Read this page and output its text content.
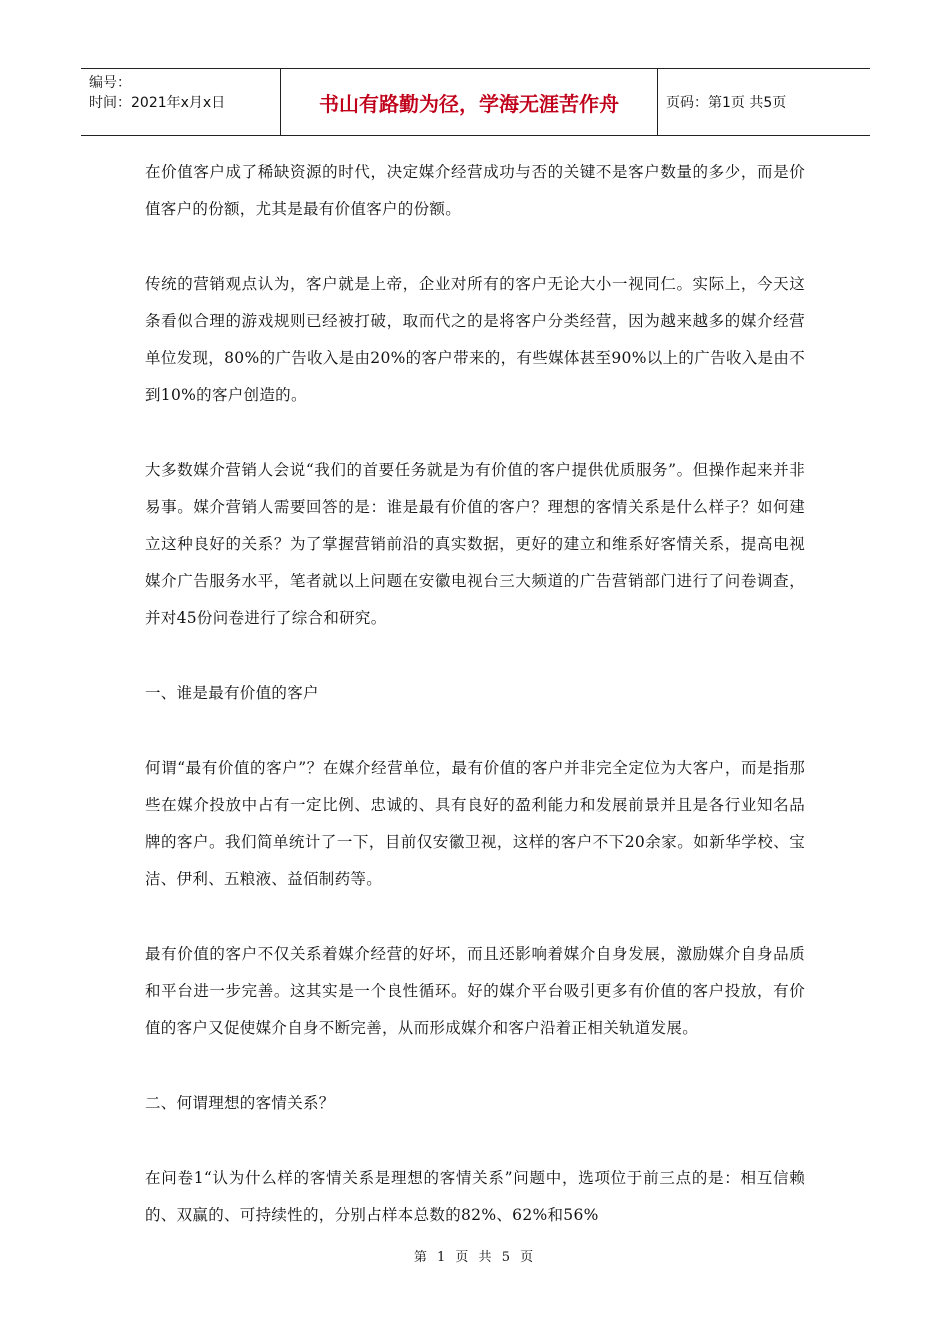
编号：
时间：2021年x月x日	书山有路勤为径，学海无涯苦作舟	页码：第1页 共5页

在价值客户成了稀缺资源的时代，决定媒介经营成功与否的关键不是客户数量的多少，而是价值客户的份额，尤其是最有价值客户的份额。

传统的营销观点认为，客户就是上帝，企业对所有的客户无论大小一视同仁。实际上，今天这条看似合理的游戏规则已经被打破，取而代之的是将客户分类经营，因为越来越多的媒介经营单位发现，80%的广告收入是由20%的客户带来的，有些媒体甚至90%以上的广告收入是由不到10%的客户创造的。

大多数媒介营销人会说“我们的首要任务就是为有价值的客户提供优质服务”。但操作起来并非易事。媒介营销人需要回答的是：谁是最有价值的客户？理想的客情关系是什么样子？如何建立这种良好的关系？为了掌握营销前沿的真实数据，更好的建立和维系好客情关系，提高电视媒介广告服务水平，笔者就以上问题在安徽电视台三大频道的广告营销部门进行了问卷调查，并对45份问卷进行了综合和研究。

一、谁是最有价值的客户

何谓“最有价值的客户”？在媒介经营单位，最有价值的客户并非完全定位为大客户，而是指那些在媒介投放中占有一定比例、忠诚的、具有良好的盈利能力和发展前景并且是各行业知名品牌的客户。我们简单统计了一下，目前仅安徽卫视，这样的客户不下20余家。如新华学校、宝洁、伊利、五粮液、益佰制药等。

最有价值的客户不仅关系着媒介经营的好坏，而且还影响着媒介自身发展，激励媒介自身品质和平台进一步完善。这其实是一个良性循环。好的媒介平台吸引更多有价值的客户投放，有价值的客户又促使媒介自身不断完善，从而形成媒介和客户沿着正相关轨道发展。

二、何谓理想的客情关系？

在问卷1“认为什么样的客情关系是理想的客情关系”问题中，选项位于前三点的是：相互信赖的、双赢的、可持续性的，分别占样本总数的82%、62%和56%

第 1 页 共 5 页
